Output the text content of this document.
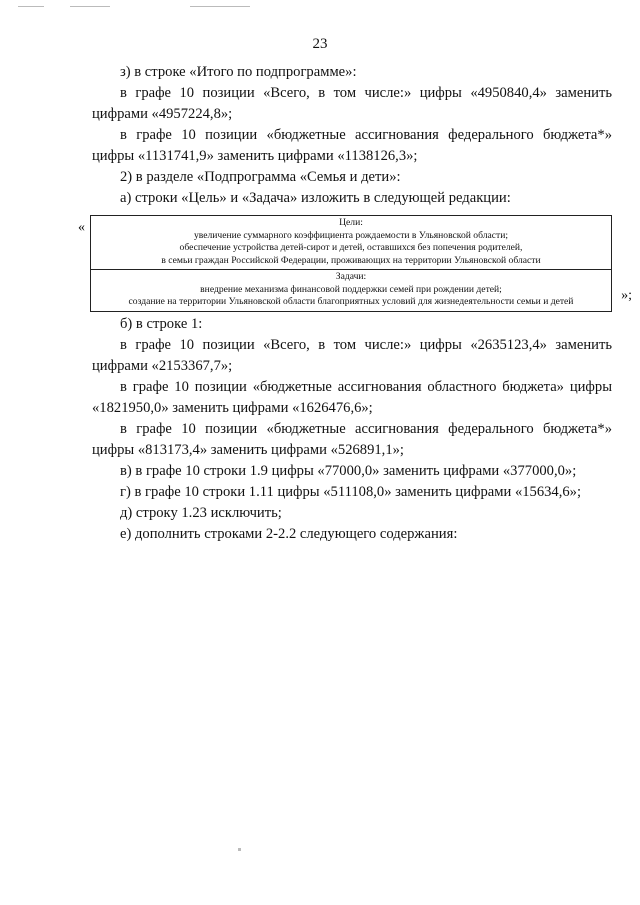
23

з) в строке «Итого по подпрограмме»:

в графе 10 позиции «Всего, в том числе:» цифры «4950840,4» заменить цифрами «4957224,8»;

в графе 10 позиции «бюджетные ассигнования федерального бюджета*» цифры «1131741,9» заменить цифрами «1138126,3»;

2) в разделе «Подпрограмма «Семья и дети»:

а) строки «Цель» и «Задача» изложить в следующей редакции:

«	Цели:
увеличение суммарного коэффициента рождаемости в Ульяновской области;
обеспечение устройства детей-сирот и детей, оставшихся без попечения родителей,
в семьи граждан Российской Федерации, проживающих на территории Ульяновской области

Задачи:
внедрение механизма финансовой поддержки семей при рождении детей;
создание на территории Ульяновской области благоприятных условий для жизнедеятельности семьи и детей	»;

б) в строке 1:

в графе 10 позиции «Всего, в том числе:» цифры «2635123,4» заменить цифрами «2153367,7»;

в графе 10 позиции «бюджетные ассигнования областного бюджета» цифры «1821950,0» заменить цифрами «1626476,6»;

в графе 10 позиции «бюджетные ассигнования федерального бюджета*» цифры «813173,4» заменить цифрами «526891,1»;

в) в графе 10 строки 1.9 цифры «77000,0» заменить цифрами «377000,0»;

г) в графе 10 строки 1.11 цифры «511108,0» заменить цифрами «15634,6»;

д) строку 1.23 исключить;

е) дополнить строками 2-2.2 следующего содержания:
